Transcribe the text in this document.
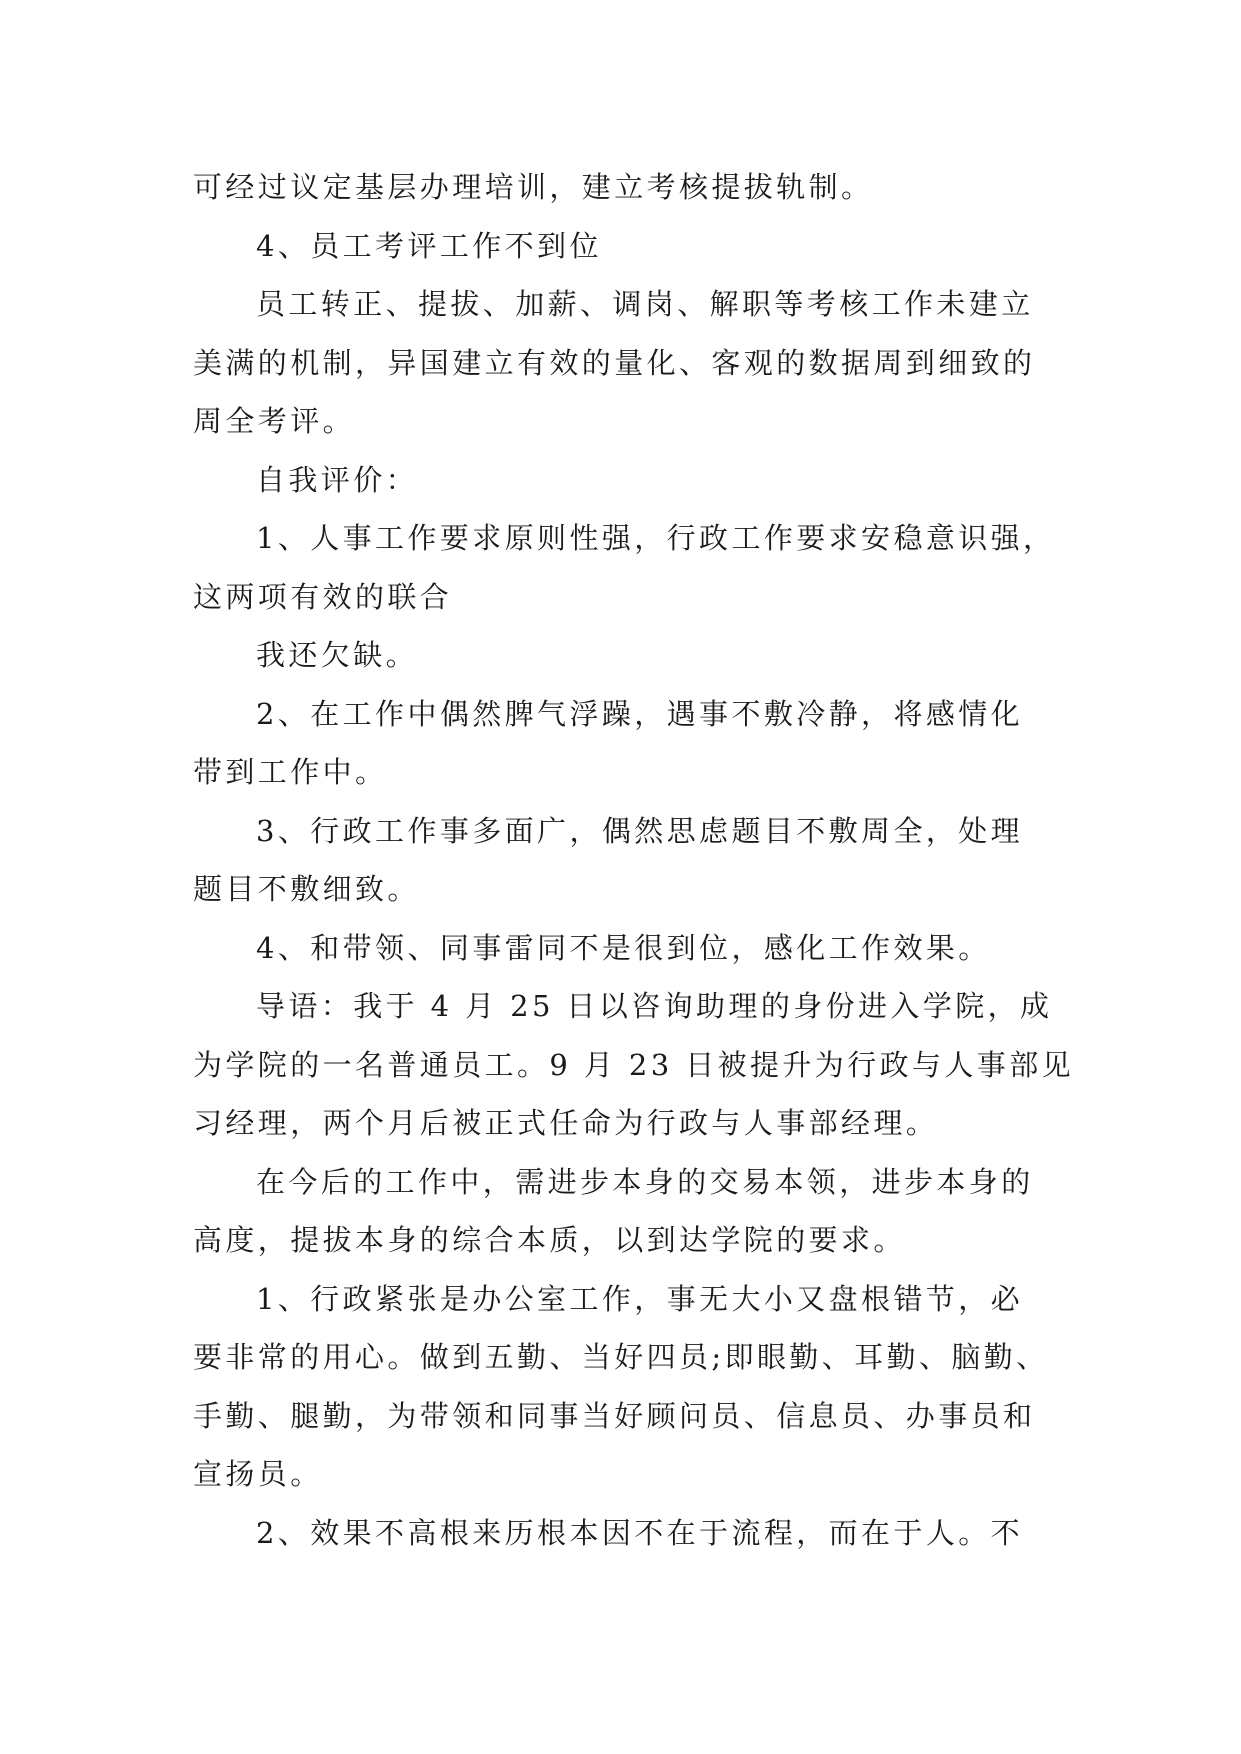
可经过议定基层办理培训，建立考核提拔轨制。
4、员工考评工作不到位
员工转正、提拔、加薪、调岗、解职等考核工作未建立
美满的机制，异国建立有效的量化、客观的数据周到细致的
周全考评。
自我评价：
1、人事工作要求原则性强，行政工作要求安稳意识强，
这两项有效的联合
我还欠缺。
2、在工作中偶然脾气浮躁，遇事不敷冷静，将感情化
带到工作中。
3、行政工作事多面广，偶然思虑题目不敷周全，处理
题目不敷细致。
4、和带领、同事雷同不是很到位，感化工作效果。
导语：我于 4 月 25 日以咨询助理的身份进入学院，成
为学院的一名普通员工。9 月 23 日被提升为行政与人事部见
习经理，两个月后被正式任命为行政与人事部经理。
在今后的工作中，需进步本身的交易本领，进步本身的
高度，提拔本身的综合本质，以到达学院的要求。
1、行政紧张是办公室工作，事无大小又盘根错节，必
要非常的用心。做到五勤、当好四员;即眼勤、耳勤、脑勤、
手勤、腿勤，为带领和同事当好顾问员、信息员、办事员和
宣扬员。
2、效果不高根来历根本因不在于流程，而在于人。不
